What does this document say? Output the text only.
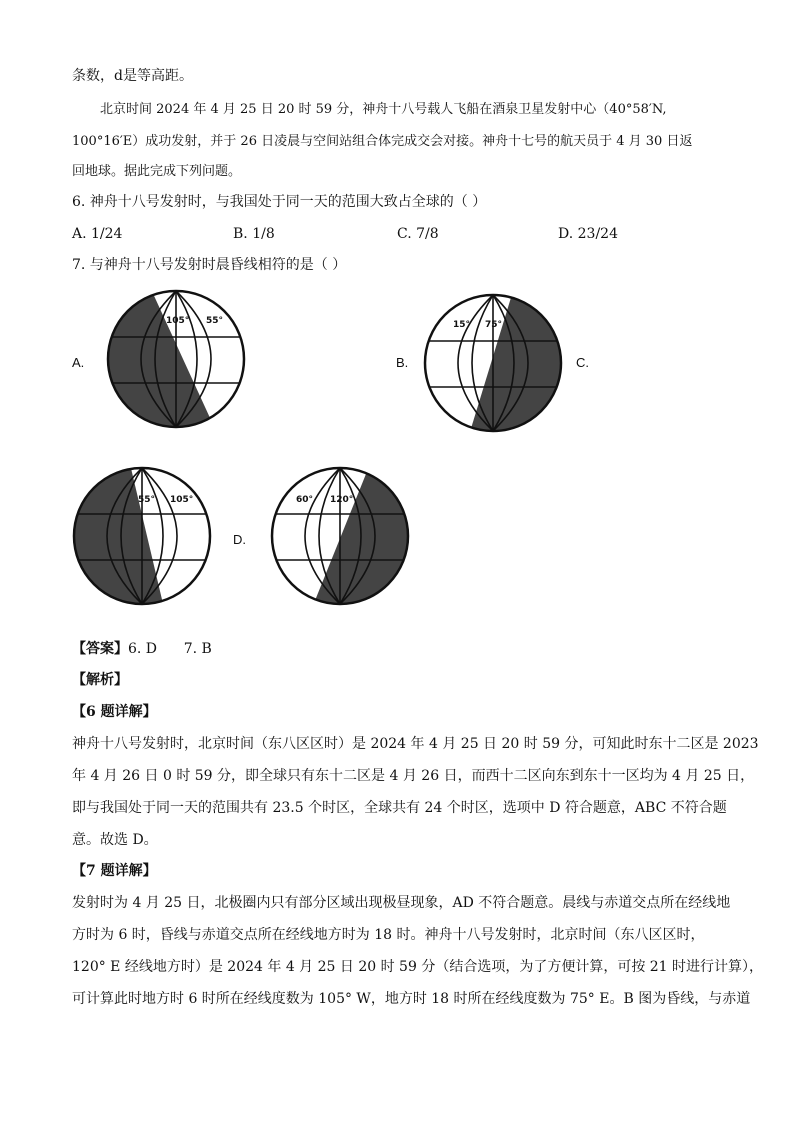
条数，d是等高距。
北京时间 2024 年 4 月 25 日 20 时 59 分，神舟十八号载人飞船在酒泉卫星发射中心（40°58′N,
100°16′E）成功发射，并于 26 日凌晨与空间站组合体完成交会对接。神舟十七号的航天员于 4 月 30 日返
回地球。据此完成下列问题。
6. 神舟十八号发射时，与我国处于同一天的范围大致占全球的（ ）
A. 1/24	B. 1/8	C. 7/8	D. 23/24
7. 与神舟十八号发射时晨昏线相符的是（ ）
A.	B.	C.
D.
105° 55°	15° 75°
55° 105°	60° 120°
【答案】6. D      7. B
【解析】
【6 题详解】
神舟十八号发射时，北京时间（东八区区时）是 2024 年 4 月 25 日 20 时 59 分，可知此时东十二区是 2023
年 4 月 26 日 0 时 59 分，即全球只有东十二区是 4 月 26 日，而西十二区向东到东十一区均为 4 月 25 日，
即与我国处于同一天的范围共有 23.5 个时区，全球共有 24 个时区，选项中 D 符合题意，ABC 不符合题
意。故选 D。
【7 题详解】
发射时为 4 月 25 日，北极圈内只有部分区域出现极昼现象，AD 不符合题意。晨线与赤道交点所在经线地
方时为 6 时，昏线与赤道交点所在经线地方时为 18 时。神舟十八号发射时，北京时间（东八区区时，
120° E 经线地方时）是 2024 年 4 月 25 日 20 时 59 分（结合选项，为了方便计算，可按 21 时进行计算），
可计算此时地方时 6 时所在经线度数为 105° W，地方时 18 时所在经线度数为 75° E。B 图为昏线，与赤道
